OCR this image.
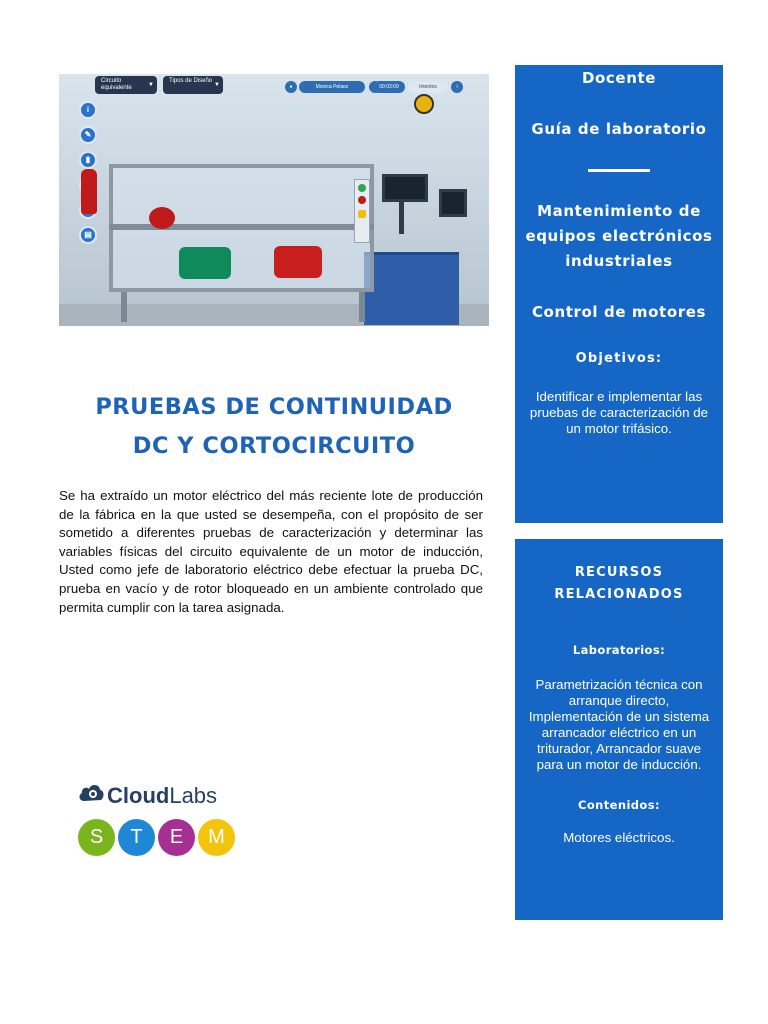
Circuito equivalente	▼
Tipos de Diseño
▼	●	Monica Pelaez	00:03:09	Intentos	i
i
✎
▮
▤
PRUEBAS DE CONTINUIDAD
DC Y CORTOCIRCUITO
Se ha extraído un motor eléctrico del más reciente lote de producción de la fábrica en la que usted se desempeña, con el propósito de ser sometido a diferentes pruebas de caracterización y determinar las variables físicas del circuito equivalente de un motor de inducción, Usted como jefe de laboratorio eléctrico debe efectuar la prueba DC, prueba en vacío y de rotor bloqueado en un ambiente controlado que permita cumplir con la tarea asignada.
CloudLabs
S	T	E	M
Docente
Guía de laboratorio
Mantenimiento de equipos electrónicos industriales
Control de motores
Objetivos:
Identificar e implementar las pruebas de caracterización de un motor trifásico.
RECURSOS
RELACIONADOS
Laboratorios:
Parametrización técnica con arranque directo, Implementación de un sistema arrancador eléctrico en un triturador, Arrancador suave para un motor de inducción.
Contenidos:
Motores eléctricos.
